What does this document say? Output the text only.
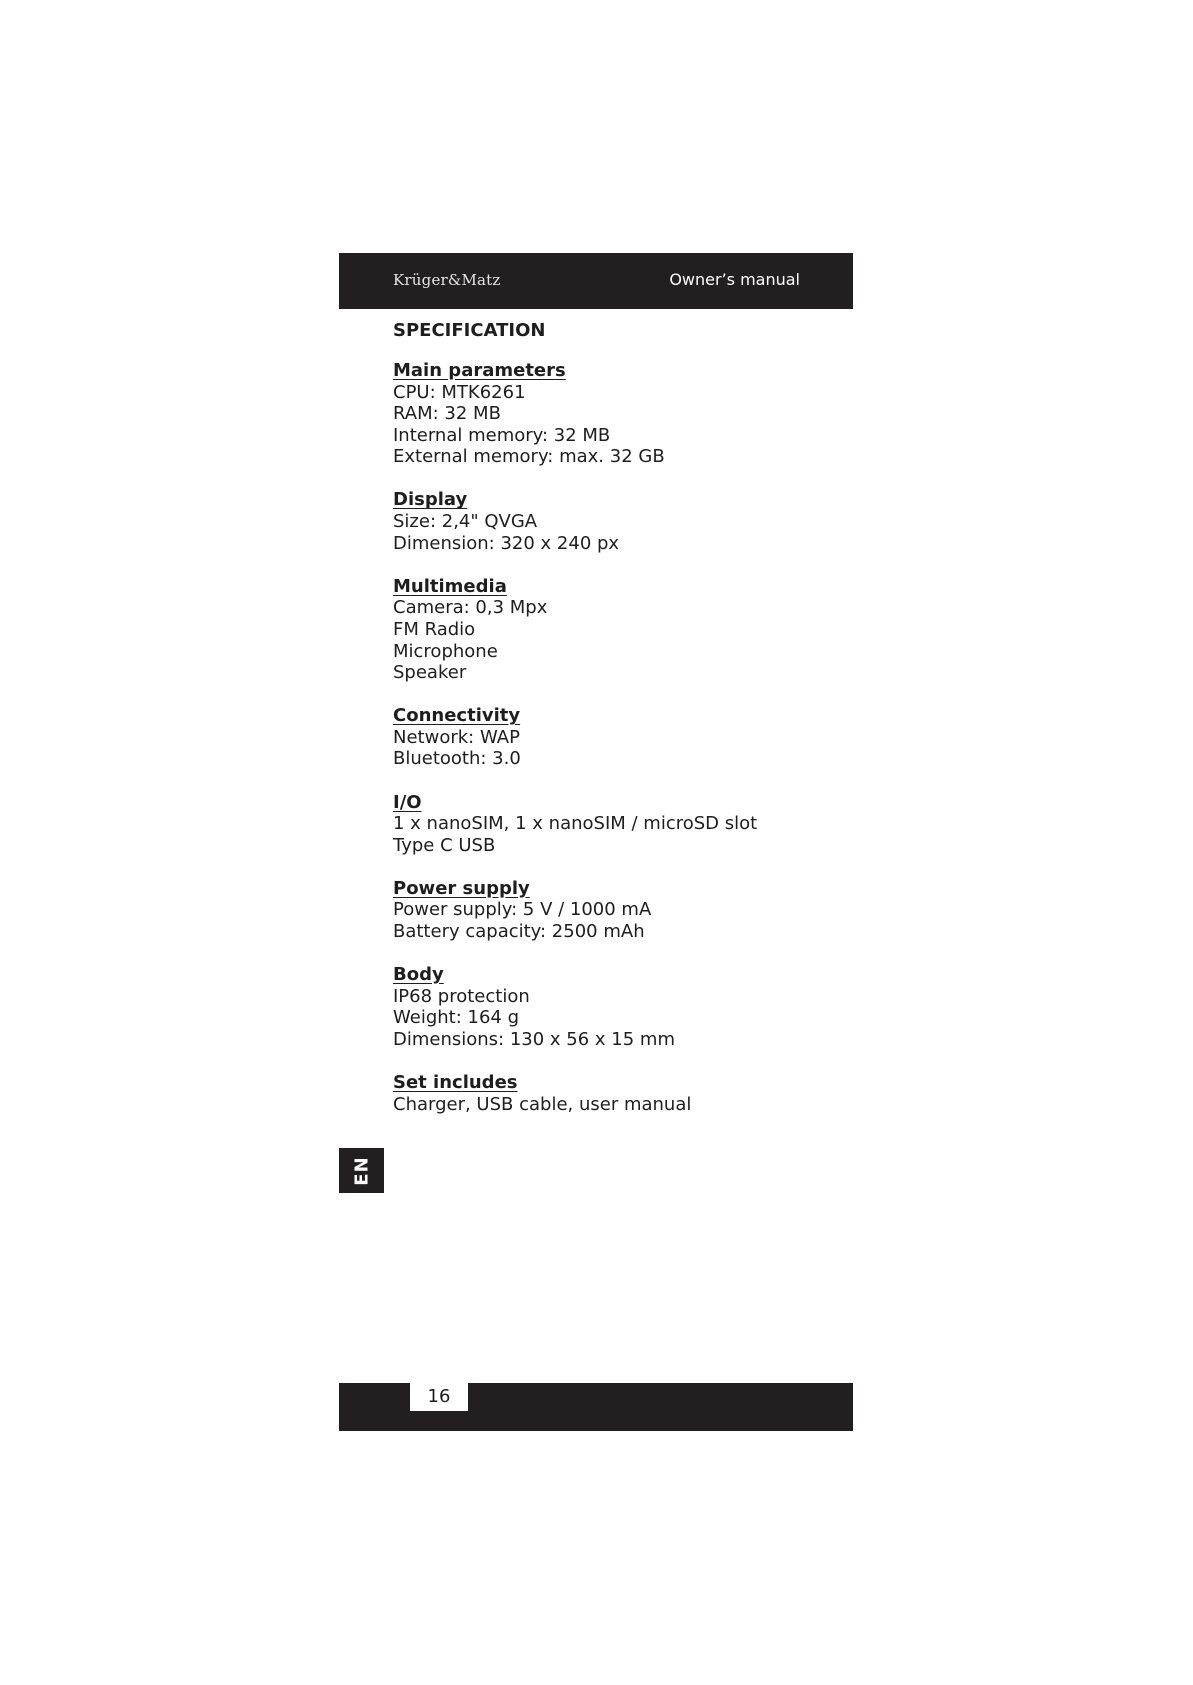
Krüger&Matz	Owner’s manual
SPECIFICATION
Main parameters
CPU: MTK6261
RAM: 32 MB
Internal memory: 32 MB
External memory: max. 32 GB
Display
Size: 2,4" QVGA
Dimension: 320 x 240 px
Multimedia
Camera: 0,3 Mpx
FM Radio
Microphone
Speaker
Connectivity
Network: WAP
Bluetooth: 3.0
I/O
1 x nanoSIM, 1 x nanoSIM / microSD slot
Type C USB
Power supply
Power supply: 5 V / 1000 mA
Battery capacity: 2500 mAh
Body
IP68 protection
Weight: 164 g
Dimensions: 130 x 56 x 15 mm
Set includes
Charger, USB cable, user manual
EN
16
